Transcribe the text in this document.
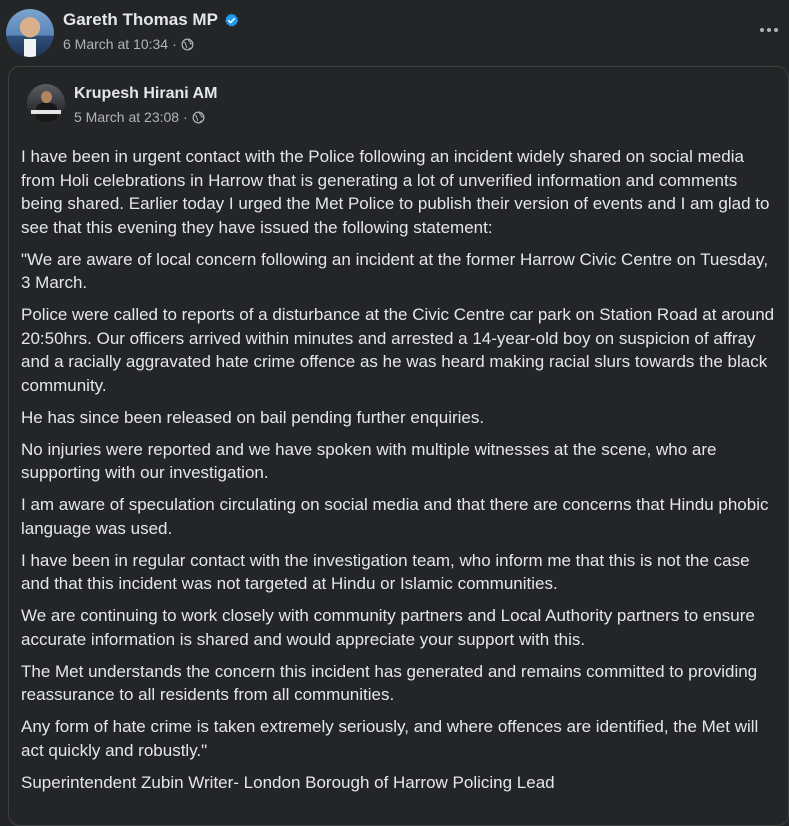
Gareth Thomas MP
6 March at 10:34 ·
Krupesh Hirani AM
5 March at 23:08 ·

I have been in urgent contact with the Police following an incident widely shared on social media from Holi celebrations in Harrow that is generating a lot of unverified information and comments being shared. Earlier today I urged the Met Police to publish their version of events and I am glad to see that this evening they have issued the following statement:

"We are aware of local concern following an incident at the former Harrow Civic Centre on Tuesday, 3 March.

Police were called to reports of a disturbance at the Civic Centre car park on Station Road at around 20:50hrs. Our officers arrived within minutes and arrested a 14-year-old boy on suspicion of affray and a racially aggravated hate crime offence as he was heard making racial slurs towards the black community.

He has since been released on bail pending further enquiries.

No injuries were reported and we have spoken with multiple witnesses at the scene, who are supporting with our investigation.

I am aware of speculation circulating on social media and that there are concerns that Hindu phobic language was used.

I have been in regular contact with the investigation team, who inform me that this is not the case and that this incident was not targeted at Hindu or Islamic communities.

We are continuing to work closely with community partners and Local Authority partners to ensure accurate information is shared and would appreciate your support with this.

The Met understands the concern this incident has generated and remains committed to providing reassurance to all residents from all communities.

Any form of hate crime is taken extremely seriously, and where offences are identified, the Met will act quickly and robustly."

Superintendent Zubin Writer- London Borough of Harrow Policing Lead
